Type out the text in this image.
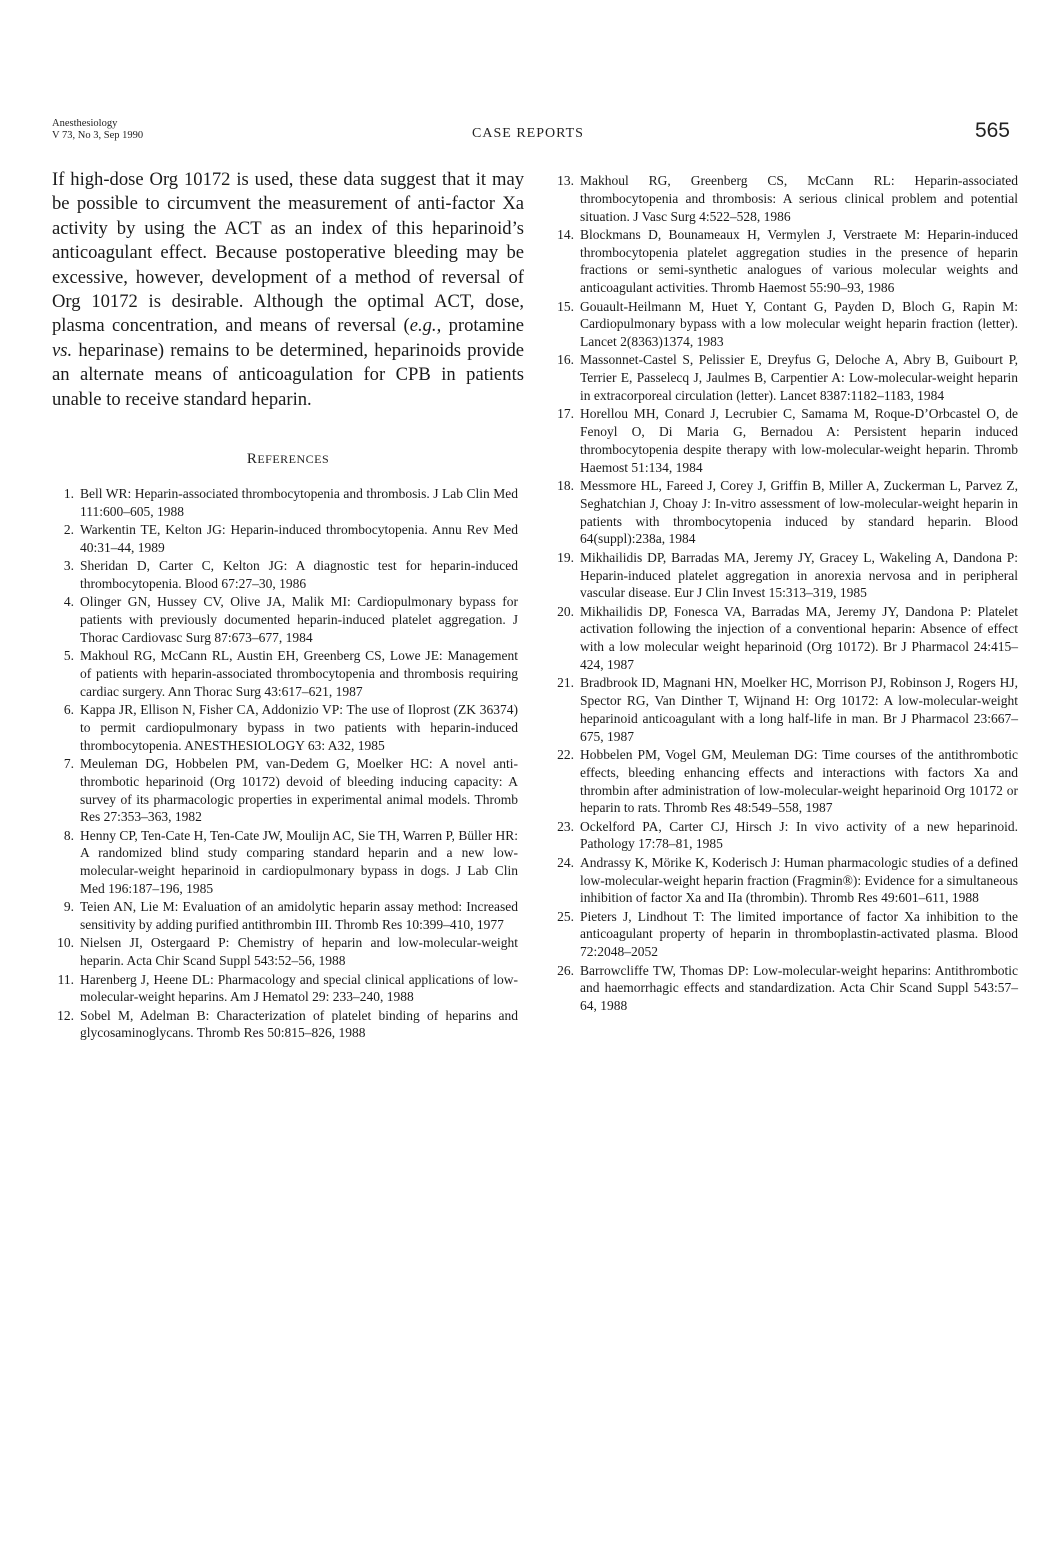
Anesthesiology
V 73, No 3, Sep 1990	CASE REPORTS	565
If high-dose Org 10172 is used, these data suggest that it may be possible to circumvent the measurement of anti-factor Xa activity by using the ACT as an index of this heparinoid’s anticoagulant effect. Because postoperative bleeding may be excessive, however, development of a method of reversal of Org 10172 is desirable. Although the optimal ACT, dose, plasma concentration, and means of reversal (e.g., protamine vs. heparinase) remains to be determined, heparinoids provide an alternate means of anticoagulation for CPB in patients unable to receive standard heparin.
REFERENCES
1. Bell WR: Heparin-associated thrombocytopenia and thrombosis. J Lab Clin Med 111:600–605, 1988
2. Warkentin TE, Kelton JG: Heparin-induced thrombocytopenia. Annu Rev Med 40:31–44, 1989
3. Sheridan D, Carter C, Kelton JG: A diagnostic test for heparin-induced thrombocytopenia. Blood 67:27–30, 1986
4. Olinger GN, Hussey CV, Olive JA, Malik MI: Cardiopulmonary bypass for patients with previously documented heparin-induced platelet aggregation. J Thorac Cardiovasc Surg 87:673–677, 1984
5. Makhoul RG, McCann RL, Austin EH, Greenberg CS, Lowe JE: Management of patients with heparin-associated thrombocytopenia and thrombosis requiring cardiac surgery. Ann Thorac Surg 43:617–621, 1987
6. Kappa JR, Ellison N, Fisher CA, Addonizio VP: The use of Iloprost (ZK 36374) to permit cardiopulmonary bypass in two patients with heparin-induced thrombocytopenia. ANESTHESIOLOGY 63: A32, 1985
7. Meuleman DG, Hobbelen PM, van-Dedem G, Moelker HC: A novel anti-thrombotic heparinoid (Org 10172) devoid of bleeding inducing capacity: A survey of its pharmacologic properties in experimental animal models. Thromb Res 27:353–363, 1982
8. Henny CP, Ten-Cate H, Ten-Cate JW, Moulijn AC, Sie TH, Warren P, Büller HR: A randomized blind study comparing standard heparin and a new low-molecular-weight heparinoid in cardiopulmonary bypass in dogs. J Lab Clin Med 196:187–196, 1985
9. Teien AN, Lie M: Evaluation of an amidolytic heparin assay method: Increased sensitivity by adding purified antithrombin III. Thromb Res 10:399–410, 1977
10. Nielsen JI, Ostergaard P: Chemistry of heparin and low-molecular-weight heparin. Acta Chir Scand Suppl 543:52–56, 1988
11. Harenberg J, Heene DL: Pharmacology and special clinical applications of low-molecular-weight heparins. Am J Hematol 29: 233–240, 1988
12. Sobel M, Adelman B: Characterization of platelet binding of heparins and glycosaminoglycans. Thromb Res 50:815–826, 1988
13. Makhoul RG, Greenberg CS, McCann RL: Heparin-associated thrombocytopenia and thrombosis: A serious clinical problem and potential situation. J Vasc Surg 4:522–528, 1986
14. Blockmans D, Bounameaux H, Vermylen J, Verstraete M: Heparin-induced thrombocytopenia platelet aggregation studies in the presence of heparin fractions or semi-synthetic analogues of various molecular weights and anticoagulant activities. Thromb Haemost 55:90–93, 1986
15. Gouault-Heilmann M, Huet Y, Contant G, Payden D, Bloch G, Rapin M: Cardiopulmonary bypass with a low molecular weight heparin fraction (letter). Lancet 2(8363)1374, 1983
16. Massonnet-Castel S, Pelissier E, Dreyfus G, Deloche A, Abry B, Guibourt P, Terrier E, Passelecq J, Jaulmes B, Carpentier A: Low-molecular-weight heparin in extracorporeal circulation (letter). Lancet 8387:1182–1183, 1984
17. Horellou MH, Conard J, Lecrubier C, Samama M, Roque-D’Orbcastel O, de Fenoyl O, Di Maria G, Bernadou A: Persistent heparin induced thrombocytopenia despite therapy with low-molecular-weight heparin. Thromb Haemost 51:134, 1984
18. Messmore HL, Fareed J, Corey J, Griffin B, Miller A, Zuckerman L, Parvez Z, Seghatchian J, Choay J: In-vitro assessment of low-molecular-weight heparin in patients with thrombocytopenia induced by standard heparin. Blood 64(suppl):238a, 1984
19. Mikhailidis DP, Barradas MA, Jeremy JY, Gracey L, Wakeling A, Dandona P: Heparin-induced platelet aggregation in anorexia nervosa and in peripheral vascular disease. Eur J Clin Invest 15:313–319, 1985
20. Mikhailidis DP, Fonesca VA, Barradas MA, Jeremy JY, Dandona P: Platelet activation following the injection of a conventional heparin: Absence of effect with a low molecular weight heparinoid (Org 10172). Br J Pharmacol 24:415–424, 1987
21. Bradbrook ID, Magnani HN, Moelker HC, Morrison PJ, Robinson J, Rogers HJ, Spector RG, Van Dinther T, Wijnand H: Org 10172: A low-molecular-weight heparinoid anticoagulant with a long half-life in man. Br J Pharmacol 23:667–675, 1987
22. Hobbelen PM, Vogel GM, Meuleman DG: Time courses of the antithrombotic effects, bleeding enhancing effects and interactions with factors Xa and thrombin after administration of low-molecular-weight heparinoid Org 10172 or heparin to rats. Thromb Res 48:549–558, 1987
23. Ockelford PA, Carter CJ, Hirsch J: In vivo activity of a new heparinoid. Pathology 17:78–81, 1985
24. Andrassy K, Mörike K, Koderisch J: Human pharmacologic studies of a defined low-molecular-weight heparin fraction (Fragmin®): Evidence for a simultaneous inhibition of factor Xa and IIa (thrombin). Thromb Res 49:601–611, 1988
25. Pieters J, Lindhout T: The limited importance of factor Xa inhibition to the anticoagulant property of heparin in thromboplastin-activated plasma. Blood 72:2048–2052
26. Barrowcliffe TW, Thomas DP: Low-molecular-weight heparins: Antithrombotic and haemorrhagic effects and standardization. Acta Chir Scand Suppl 543:57–64, 1988
